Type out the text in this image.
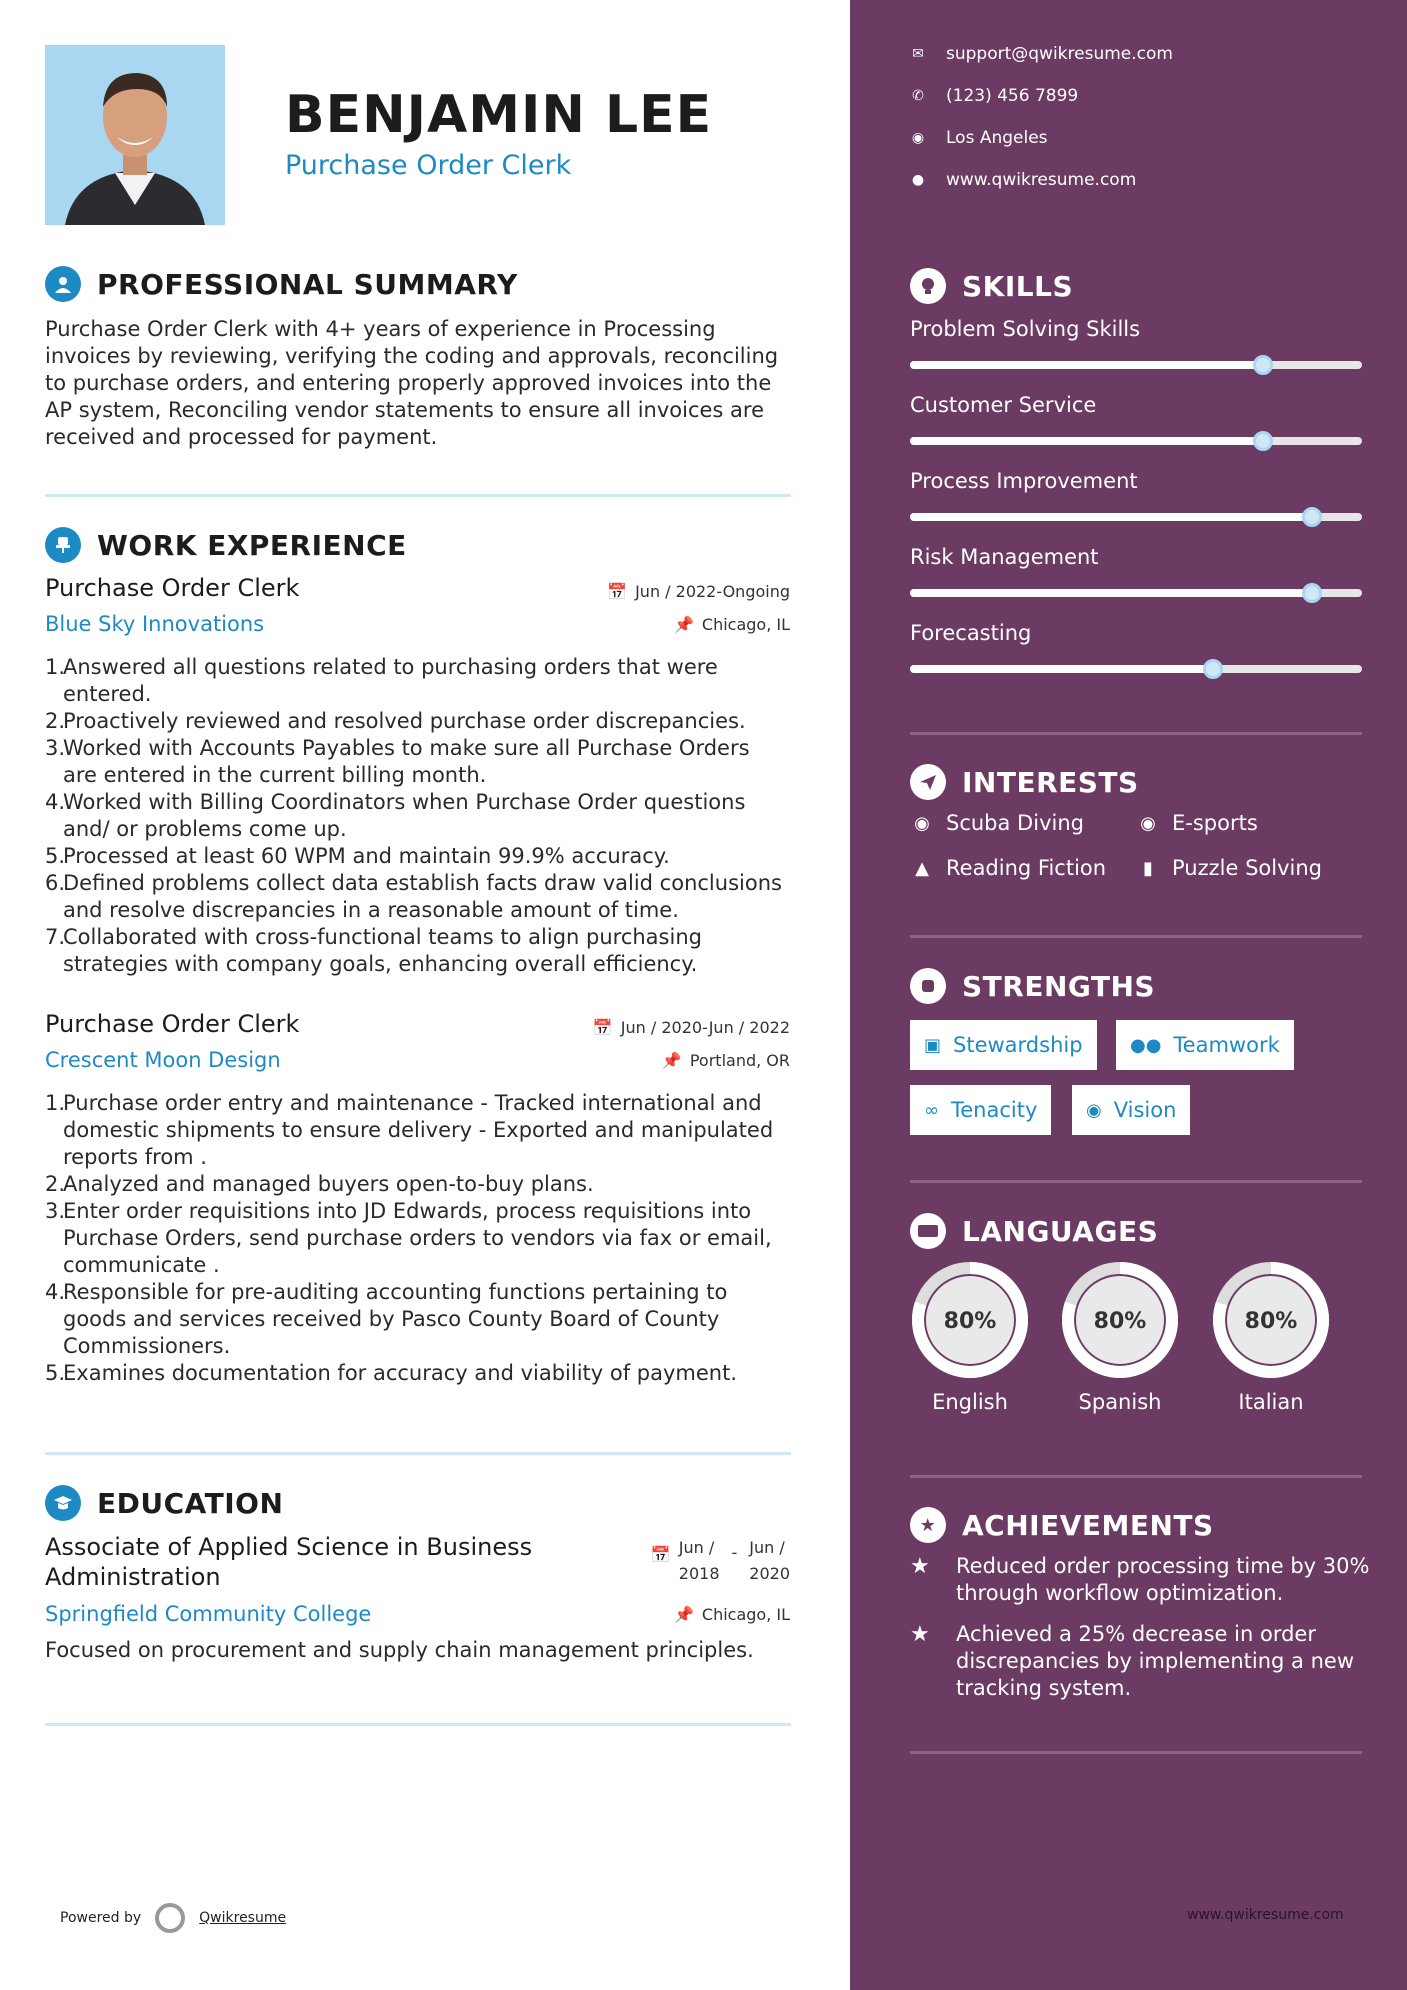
BENJAMIN LEE
Purchase Order Clerk
PROFESSIONAL SUMMARY
Purchase Order Clerk with 4+ years of experience in Processing invoices by reviewing, verifying the coding and approvals, reconciling to purchase orders, and entering properly approved invoices into the AP system, Reconciling vendor statements to ensure all invoices are received and processed for payment.
WORK EXPERIENCE
Purchase Order Clerk	📅 Jun / 2022-Ongoing
Blue Sky Innovations	📌 Chicago, IL
1.
Answered all questions related to purchasing orders that were entered.
2.
Proactively reviewed and resolved purchase order discrepancies.
3.
Worked with Accounts Payables to make sure all Purchase Orders are entered in the current billing month.
4.
Worked with Billing Coordinators when Purchase Order questions and/ or problems come up.
5.
Processed at least 60 WPM and maintain 99.9% accuracy.
6.
Defined problems collect data establish facts draw valid conclusions and resolve discrepancies in a reasonable amount of time.
7.
Collaborated with cross-functional teams to align purchasing strategies with company goals, enhancing overall efficiency.
Purchase Order Clerk	📅 Jun / 2020-Jun / 2022
Crescent Moon Design	📌 Portland, OR
1.
Purchase order entry and maintenance - Tracked international and domestic shipments to ensure delivery - Exported and manipulated reports from .
2.
Analyzed and managed buyers open-to-buy plans.
3.
Enter order requisitions into JD Edwards, process requisitions into Purchase Orders, send purchase orders to vendors via fax or email, communicate .
4.
Responsible for pre-auditing accounting functions pertaining to goods and services received by Pasco County Board of County Commissioners.
5.
Examines documentation for accuracy and viability of payment.
EDUCATION
Associate of Applied Science in Business
Administration
📅 Jun /
2018
- Jun /
2020
Springfield Community College	📌 Chicago, IL
Focused on procurement and supply chain management principles.
Powered by	Qwikresume
✉ support@qwikresume.com
✆ (123) 456 7899
◉ Los Angeles
● www.qwikresume.com
SKILLS
Problem Solving Skills
Customer Service
Process Improvement
Risk Management
Forecasting
INTERESTS
◉ Scuba Diving	◉ E-sports
▲ Reading Fiction	▮ Puzzle Solving
STRENGTHS
▣ Stewardship	●● Teamwork
∞ Tenacity	◉ Vision
LANGUAGES
80%
English
80%
Spanish
80%
Italian
★ ACHIEVEMENTS
★	Reduced order processing time by 30% through workflow optimization.
★	Achieved a 25% decrease in order discrepancies by implementing a new tracking system.
www.qwikresume.com
